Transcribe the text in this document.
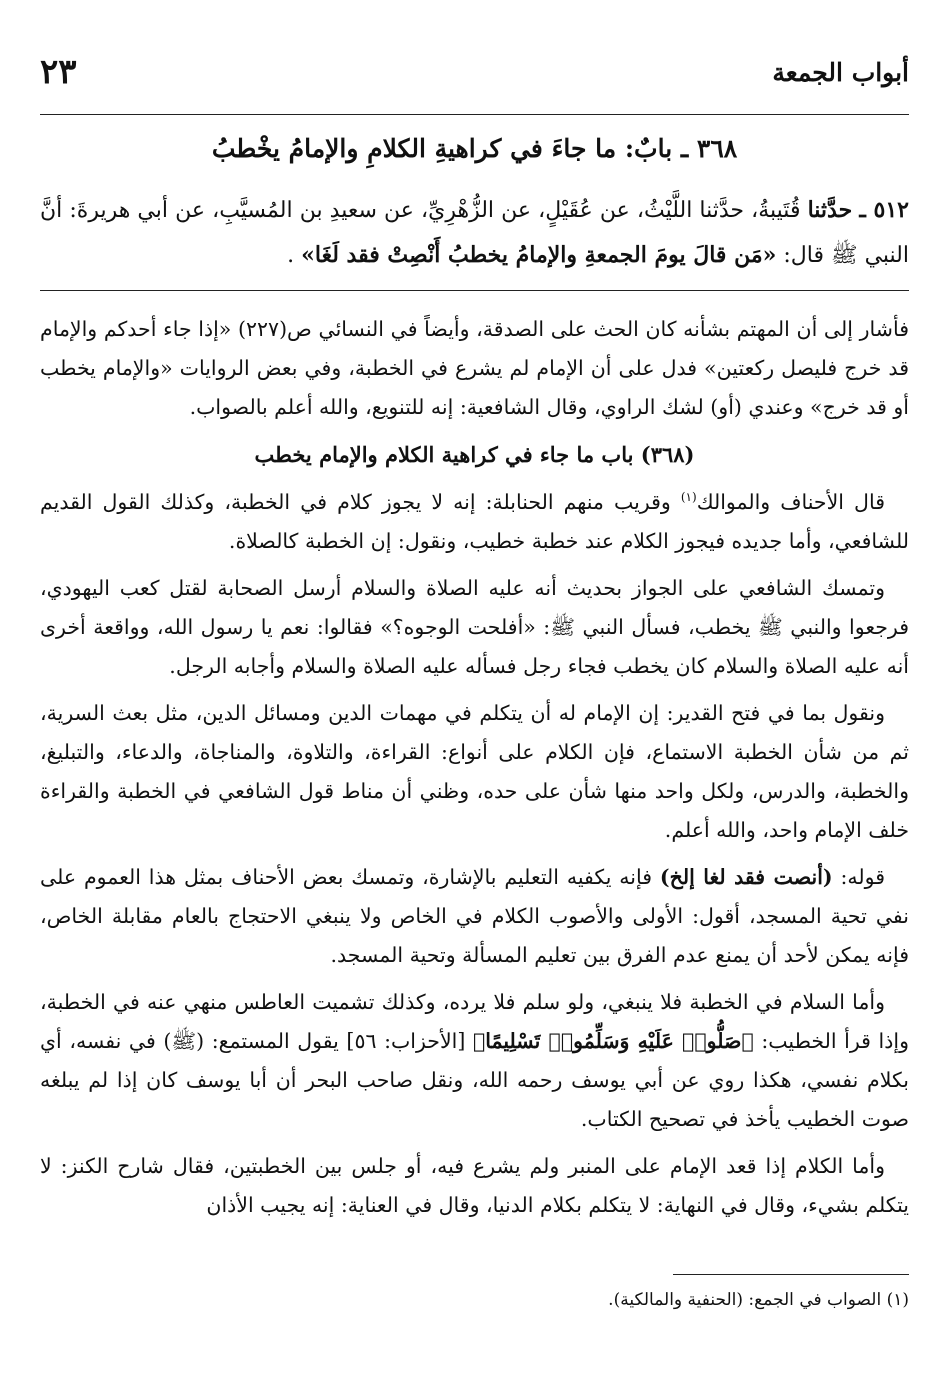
أبواب الجمعة
٢٣
٣٦٨ ـ بابٌ: ما جاءَ في كراهيةِ الكلامِ والإمامُ يخْطبُ
٥١٢ ـ حدَّثنا قُتَيبةُ، حدَّثنا اللَّيْثُ، عن عُقَيْلٍ، عن الزُّهْرِيِّ، عن سعيدِ بن المُسيَّبِ، عن أبي هريرةَ: أنَّ النبي ﷺ قال: «مَن قالَ يومَ الجمعةِ والإمامُ يخطبُ أَنْصِتْ فقد لَغَا» .

فأشار إلى أن المهتم بشأنه كان الحث على الصدقة، وأيضاً في النسائي ص(٢٢٧) «إذا جاء أحدكم والإمام قد خرج فليصل ركعتين» فدل على أن الإمام لم يشرع في الخطبة، وفي بعض الروايات «والإمام يخطب أو قد خرج» وعندي (أو) لشك الراوي، وقال الشافعية: إنه للتنويع، والله أعلم بالصواب.

(٣٦٨) باب ما جاء في كراهية الكلام والإمام يخطب

قال الأحناف والموالك$^{(١)}$ وقريب منهم الحنابلة: إنه لا يجوز كلام في الخطبة، وكذلك القول القديم للشافعي، وأما جديده فيجوز الكلام عند خطبة خطيب، ونقول: إن الخطبة كالصلاة.

وتمسك الشافعي على الجواز بحديث أنه عليه الصلاة والسلام أرسل الصحابة لقتل كعب اليهودي، فرجعوا والنبي ﷺ يخطب، فسأل النبي ﷺ: «أفلحت الوجوه؟» فقالوا: نعم يا رسول الله، وواقعة أخرى أنه عليه الصلاة والسلام كان يخطب فجاء رجل فسأله عليه الصلاة والسلام وأجابه الرجل.

ونقول بما في فتح القدير: إن الإمام له أن يتكلم في مهمات الدين ومسائل الدين، مثل بعث السرية، ثم من شأن الخطبة الاستماع، فإن الكلام على أنواع: القراءة، والتلاوة، والمناجاة، والدعاء، والتبليغ، والخطبة، والدرس، ولكل واحد منها شأن على حده، وظني أن مناط قول الشافعي في الخطبة والقراءة خلف الإمام واحد، والله أعلم.

قوله: (أنصت فقد لغا إلخ) فإنه يكفيه التعليم بالإشارة، وتمسك بعض الأحناف بمثل هذا العموم على نفي تحية المسجد، أقول: الأولى والأصوب الكلام في الخاص ولا ينبغي الاحتجاج بالعام مقابلة الخاص، فإنه يمكن لأحد أن يمنع عدم الفرق بين تعليم المسألة وتحية المسجد.

وأما السلام في الخطبة فلا ينبغي، ولو سلم فلا يرده، وكذلك تشميت العاطس منهي عنه في الخطبة، وإذا قرأ الخطيب: ﴿صَلُّوا۟ عَلَيْهِ وَسَلِّمُوا۟ تَسْلِيمًا﴾ [الأحزاب: ٥٦] يقول المستمع: (ﷺ) في نفسه، أي بكلام نفسي، هكذا روي عن أبي يوسف رحمه الله، ونقل صاحب البحر أن أبا يوسف كان إذا لم يبلغه صوت الخطيب يأخذ في تصحيح الكتاب.

وأما الكلام إذا قعد الإمام على المنبر ولم يشرع فيه، أو جلس بين الخطبتين، فقال شارح الكنز: لا يتكلم بشيء، وقال في النهاية: لا يتكلم بكلام الدنيا، وقال في العناية: إنه يجيب الأذان

(١) الصواب في الجمع: (الحنفية والمالكية).
